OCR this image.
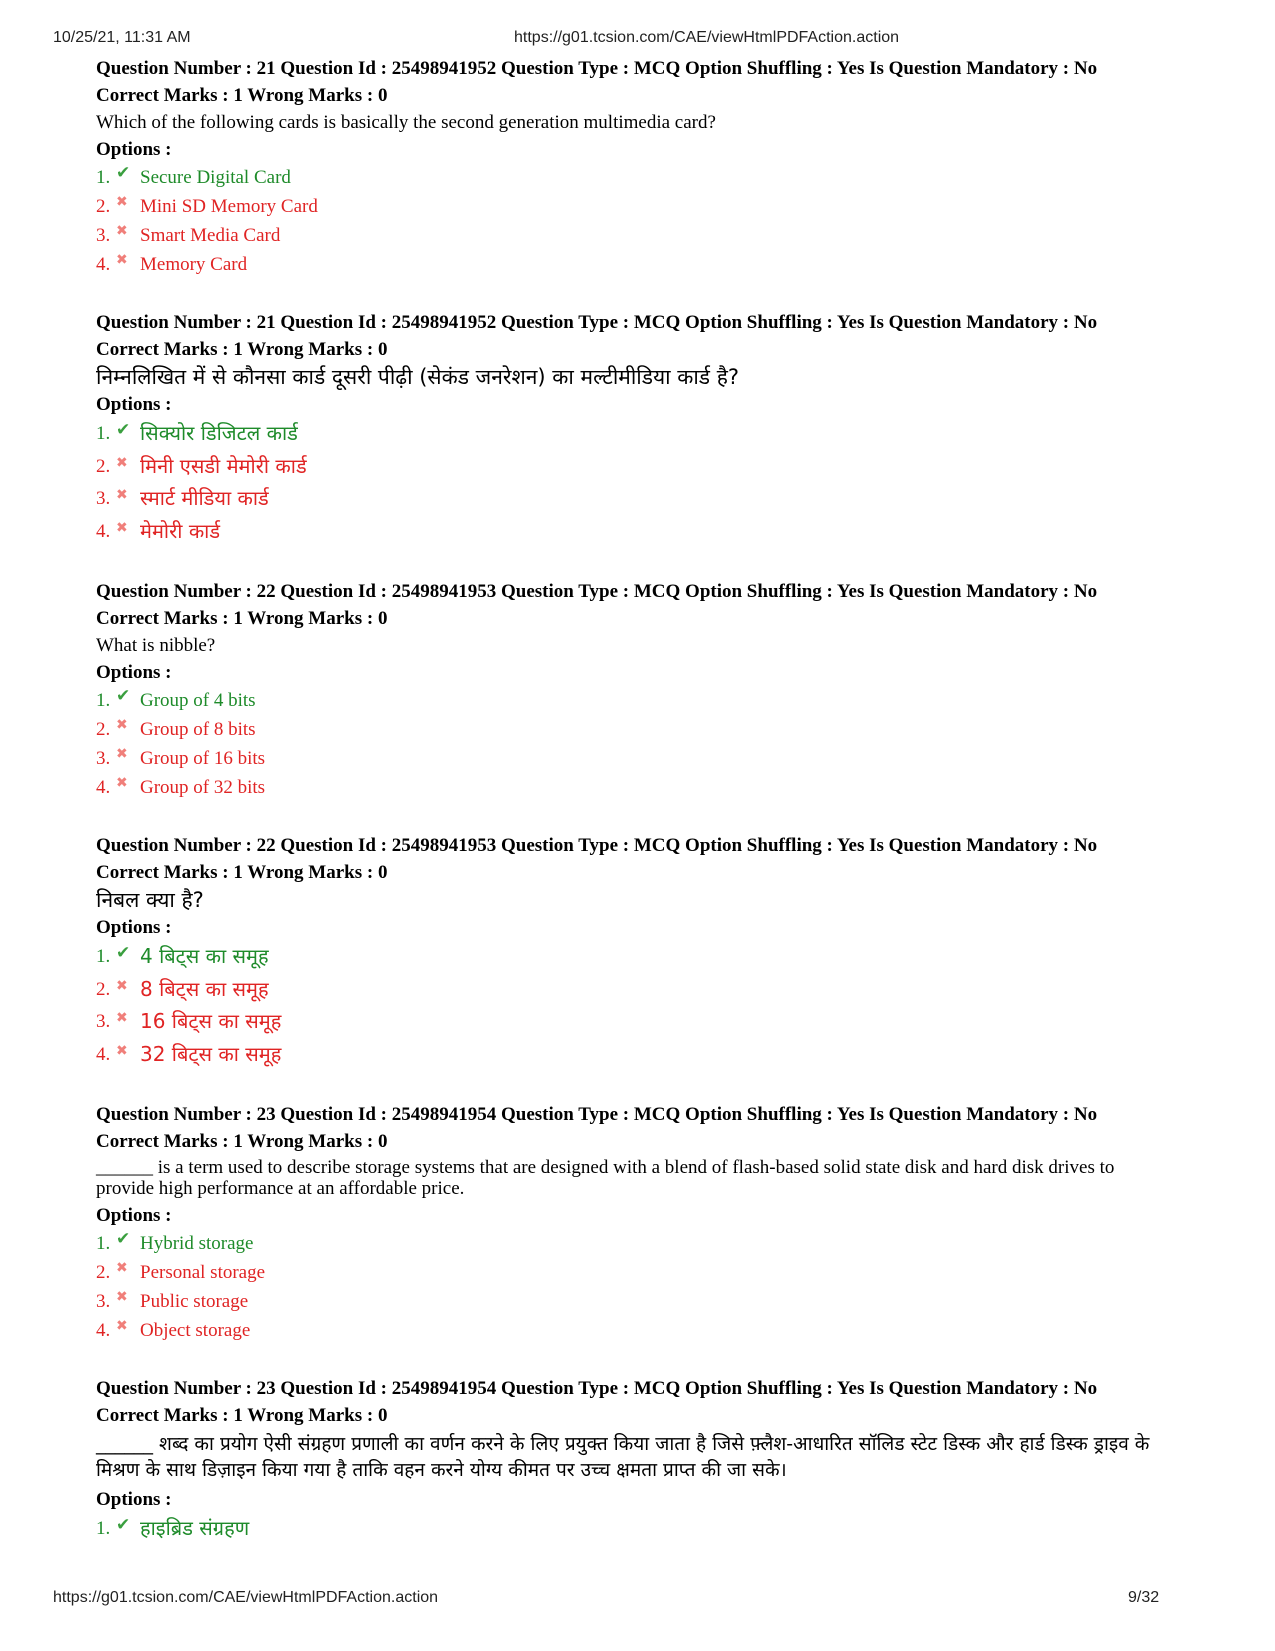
10/25/21, 11:31 AM	https://g01.tcsion.com/CAE/viewHtmlPDFAction.action

Question Number : 21 Question Id : 25498941952 Question Type : MCQ Option Shuffling : Yes Is Question Mandatory : No

Correct Marks : 1 Wrong Marks : 0

Which of the following cards is basically the second generation multimedia card?

Options :

1. ✔ Secure Digital Card
2. ✖ Mini SD Memory Card
3. ✖ Smart Media Card
4. ✖ Memory Card

Question Number : 21 Question Id : 25498941952 Question Type : MCQ Option Shuffling : Yes Is Question Mandatory : No

Correct Marks : 1 Wrong Marks : 0

निम्नलिखित में से कौनसा कार्ड दूसरी पीढ़ी (सेकंड जनरेशन) का मल्टीमीडिया कार्ड है?

Options :

1. ✔ सिक्योर डिजिटल कार्ड
2. ✖ मिनी एसडी मेमोरी कार्ड
3. ✖ स्मार्ट मीडिया कार्ड
4. ✖ मेमोरी कार्ड

Question Number : 22 Question Id : 25498941953 Question Type : MCQ Option Shuffling : Yes Is Question Mandatory : No

Correct Marks : 1 Wrong Marks : 0

What is nibble?

Options :

1. ✔ Group of 4 bits
2. ✖ Group of 8 bits
3. ✖ Group of 16 bits
4. ✖ Group of 32 bits

Question Number : 22 Question Id : 25498941953 Question Type : MCQ Option Shuffling : Yes Is Question Mandatory : No

Correct Marks : 1 Wrong Marks : 0

निबल क्या है?

Options :

1. ✔ 4 बिट्स का समूह
2. ✖ 8 बिट्स का समूह
3. ✖ 16 बिट्स का समूह
4. ✖ 32 बिट्स का समूह

Question Number : 23 Question Id : 25498941954 Question Type : MCQ Option Shuffling : Yes Is Question Mandatory : No

Correct Marks : 1 Wrong Marks : 0

______ is a term used to describe storage systems that are designed with a blend of flash-based solid state disk and hard disk drives to provide high performance at an affordable price.

Options :

1. ✔ Hybrid storage
2. ✖ Personal storage
3. ✖ Public storage
4. ✖ Object storage

Question Number : 23 Question Id : 25498941954 Question Type : MCQ Option Shuffling : Yes Is Question Mandatory : No

Correct Marks : 1 Wrong Marks : 0

______ शब्द का प्रयोग ऐसी संग्रहण प्रणाली का वर्णन करने के लिए प्रयुक्त किया जाता है जिसे फ़्लैश-आधारित सॉलिड स्टेट डिस्क और हार्ड डिस्क ड्राइव के मिश्रण के साथ डिज़ाइन किया गया है ताकि वहन करने योग्य कीमत पर उच्च क्षमता प्राप्त की जा सके।

Options :

1. ✔ हाइब्रिड संग्रहण
https://g01.tcsion.com/CAE/viewHtmlPDFAction.action	9/32
